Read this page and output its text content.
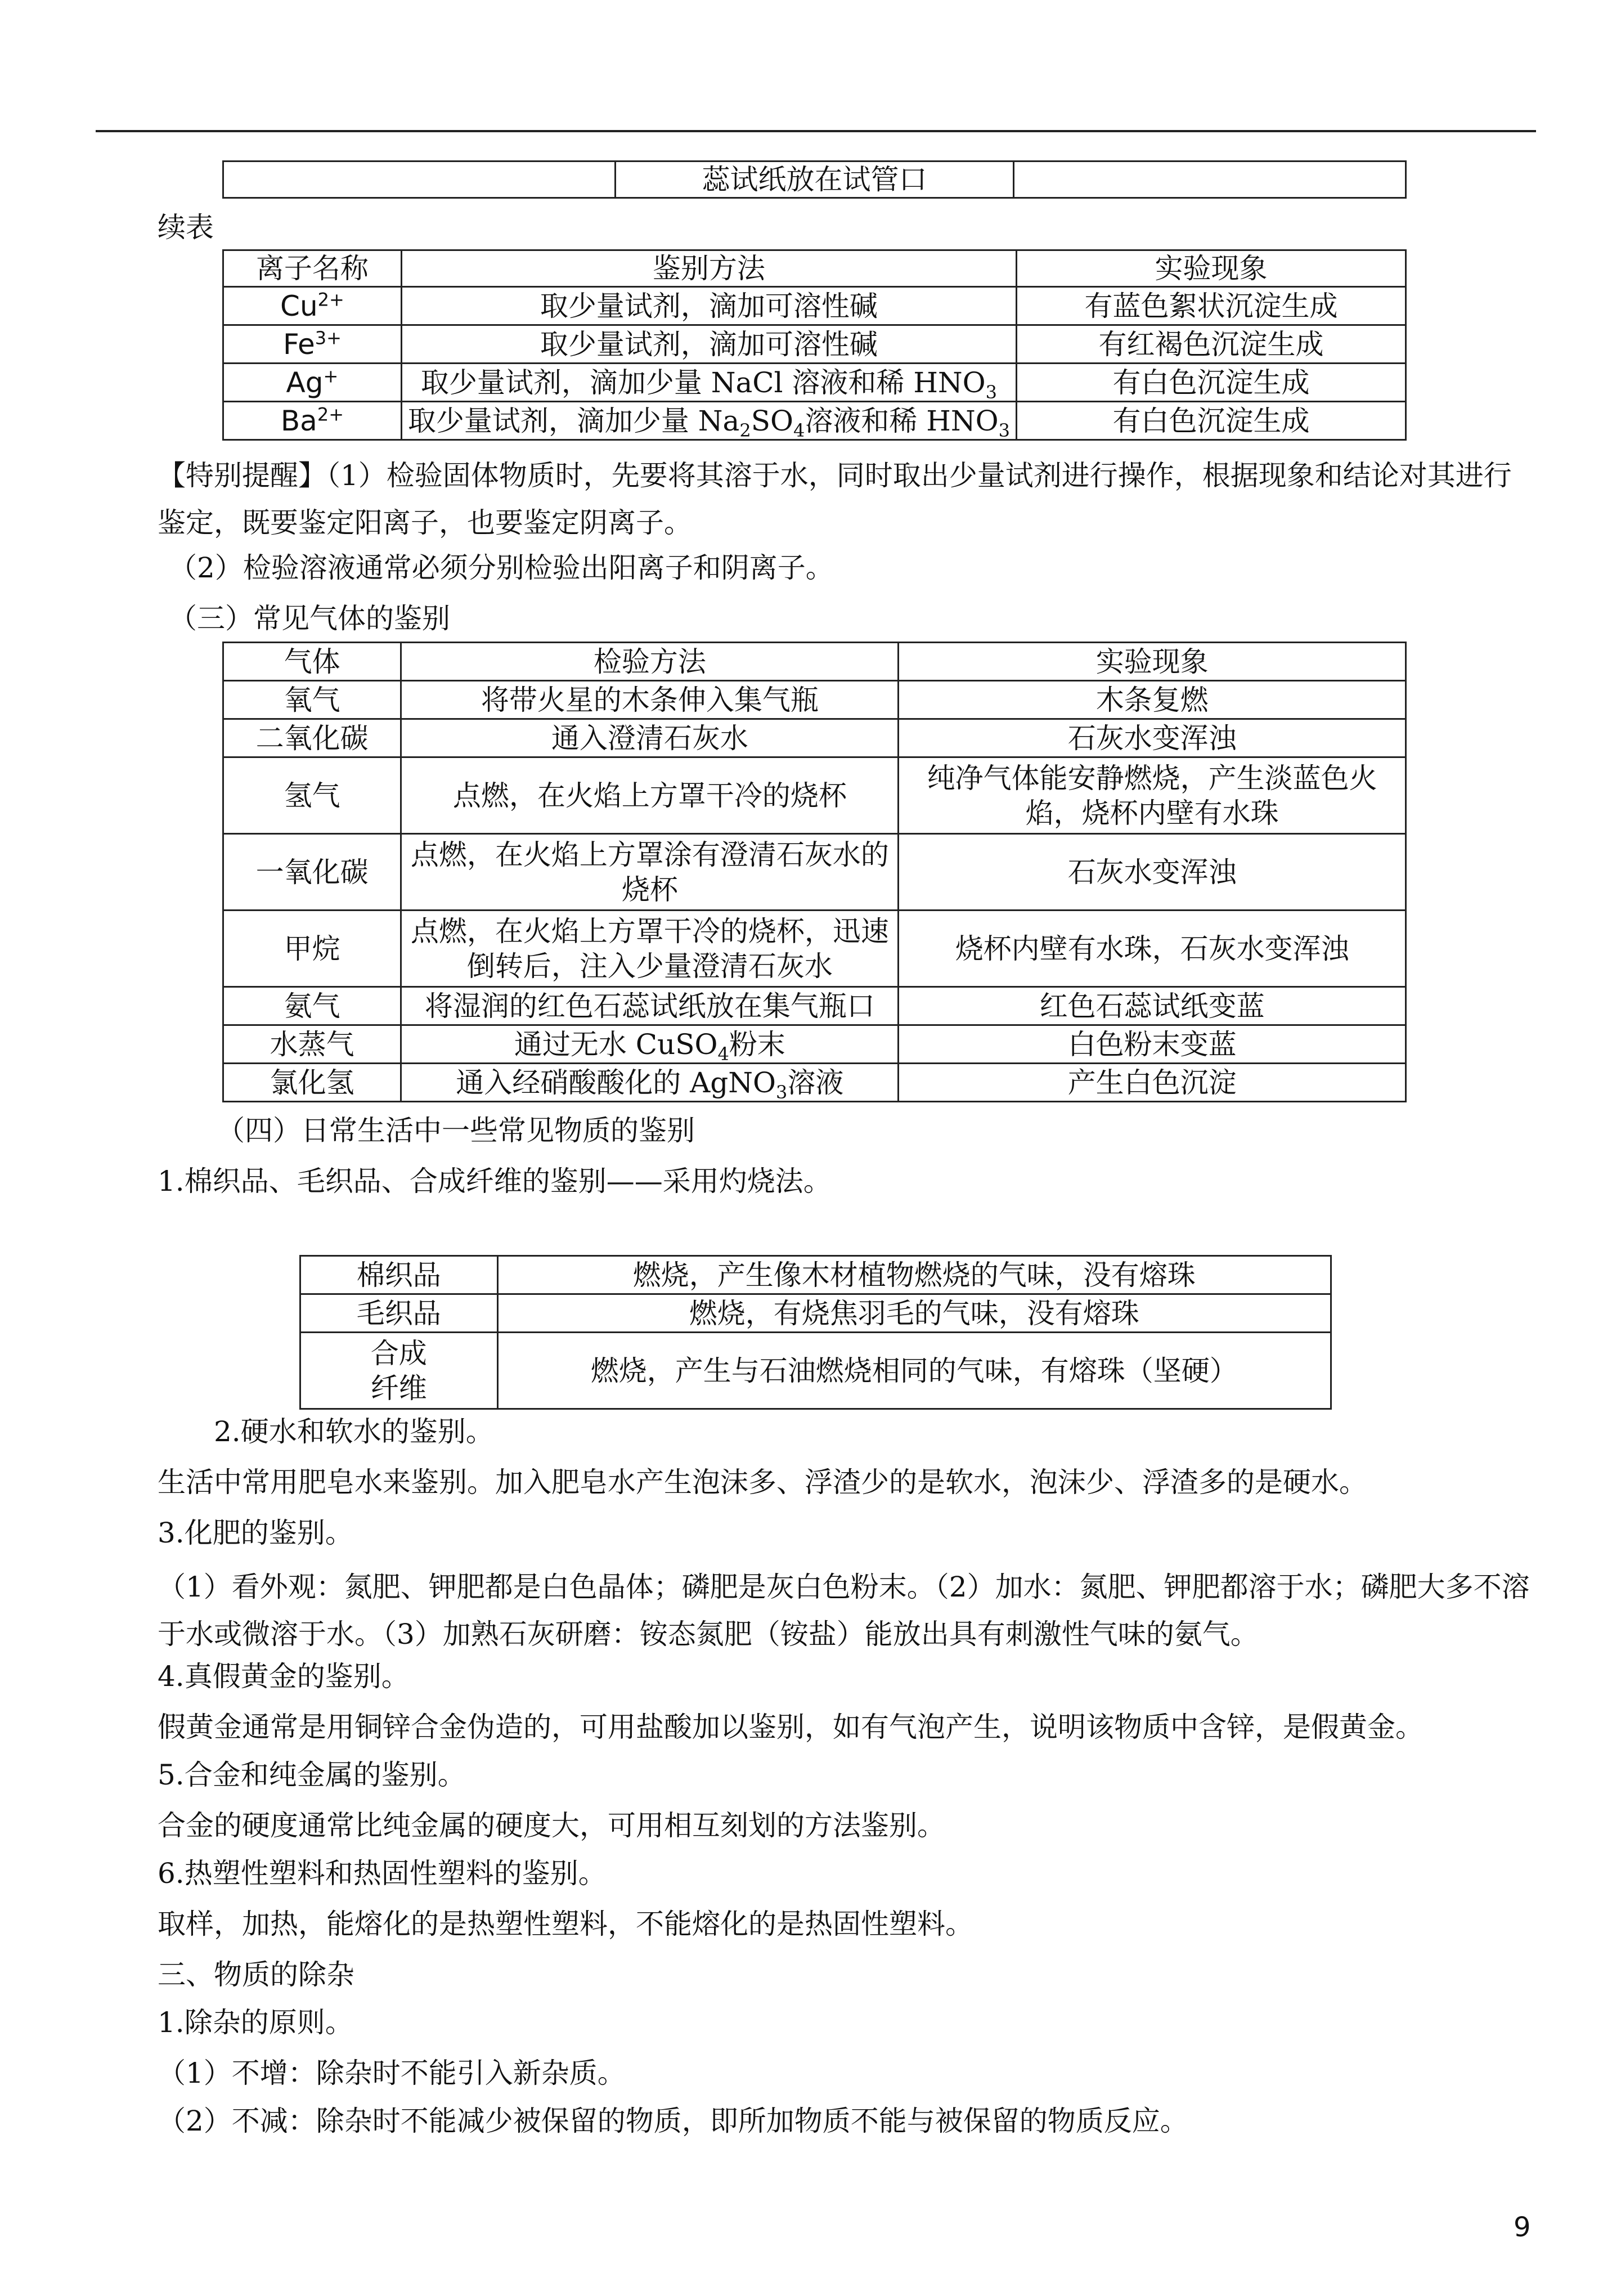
	蕊试纸放在试管口	
续表
离子名称	鉴别方法	实验现象
$Cu^{2+}$	取少量试剂，滴加可溶性碱	有蓝色絮状沉淀生成
$Fe^{3+}$	取少量试剂，滴加可溶性碱	有红褐色沉淀生成
Ag+	取少量试剂，滴加少量 NaCl 溶液和稀 $HNO_3$	有白色沉淀生成
$Ba^{2+}$	取少量试剂，滴加少量 $Na_2SO_4$溶液和稀 $HNO_3$	有白色沉淀生成
【特别提醒】（1）检验固体物质时，先要将其溶于水，同时取出少量试剂进行操作，根据现象和结论对其进行鉴定，既要鉴定阳离子，也要鉴定阴离子。
（2）检验溶液通常必须分别检验出阳离子和阴离子。
（三）常见气体的鉴别
气体	检验方法	实验现象
氧气	将带火星的木条伸入集气瓶	木条复燃
二氧化碳	通入澄清石灰水	石灰水变浑浊
氢气	点燃，在火焰上方罩干冷的烧杯	纯净气体能安静燃烧，产生淡蓝色火焰，烧杯内壁有水珠
一氧化碳	点燃，在火焰上方罩涂有澄清石灰水的烧杯	石灰水变浑浊
甲烷	点燃，在火焰上方罩干冷的烧杯，迅速倒转后，注入少量澄清石灰水	烧杯内壁有水珠，石灰水变浑浊
氨气	将湿润的红色石蕊试纸放在集气瓶口	红色石蕊试纸变蓝
水蒸气	通过无水 CuSO$_4$粉末	白色粉末变蓝
氯化氢	通入经硝酸酸化的 AgNO$_3$溶液	产生白色沉淀
（四）日常生活中一些常见物质的鉴别
1.棉织品、毛织品、合成纤维的鉴别——采用灼烧法。
棉织品	燃烧，产生像木材植物燃烧的气味，没有熔珠
毛织品	燃烧，有烧焦羽毛的气味，没有熔珠
合成
纤维	燃烧，产生与石油燃烧相同的气味，有熔珠（坚硬）
2.硬水和软水的鉴别。
生活中常用肥皂水来鉴别。加入肥皂水产生泡沫多、浮渣少的是软水，泡沫少、浮渣多的是硬水。
3.化肥的鉴别。
（1）看外观：氮肥、钾肥都是白色晶体；磷肥是灰白色粉末。（2）加水：氮肥、钾肥都溶于水；磷肥大多不溶于水或微溶于水。（3）加熟石灰研磨：铵态氮肥（铵盐）能放出具有刺激性气味的氨气。
4.真假黄金的鉴别。
假黄金通常是用铜锌合金伪造的，可用盐酸加以鉴别，如有气泡产生，说明该物质中含锌，是假黄金。
5.合金和纯金属的鉴别。
合金的硬度通常比纯金属的硬度大，可用相互刻划的方法鉴别。
6.热塑性塑料和热固性塑料的鉴别。
取样，加热，能熔化的是热塑性塑料，不能熔化的是热固性塑料。
三、物质的除杂
1.除杂的原则。
（1）不增：除杂时不能引入新杂质。
（2）不减：除杂时不能减少被保留的物质，即所加物质不能与被保留的物质反应。
9
